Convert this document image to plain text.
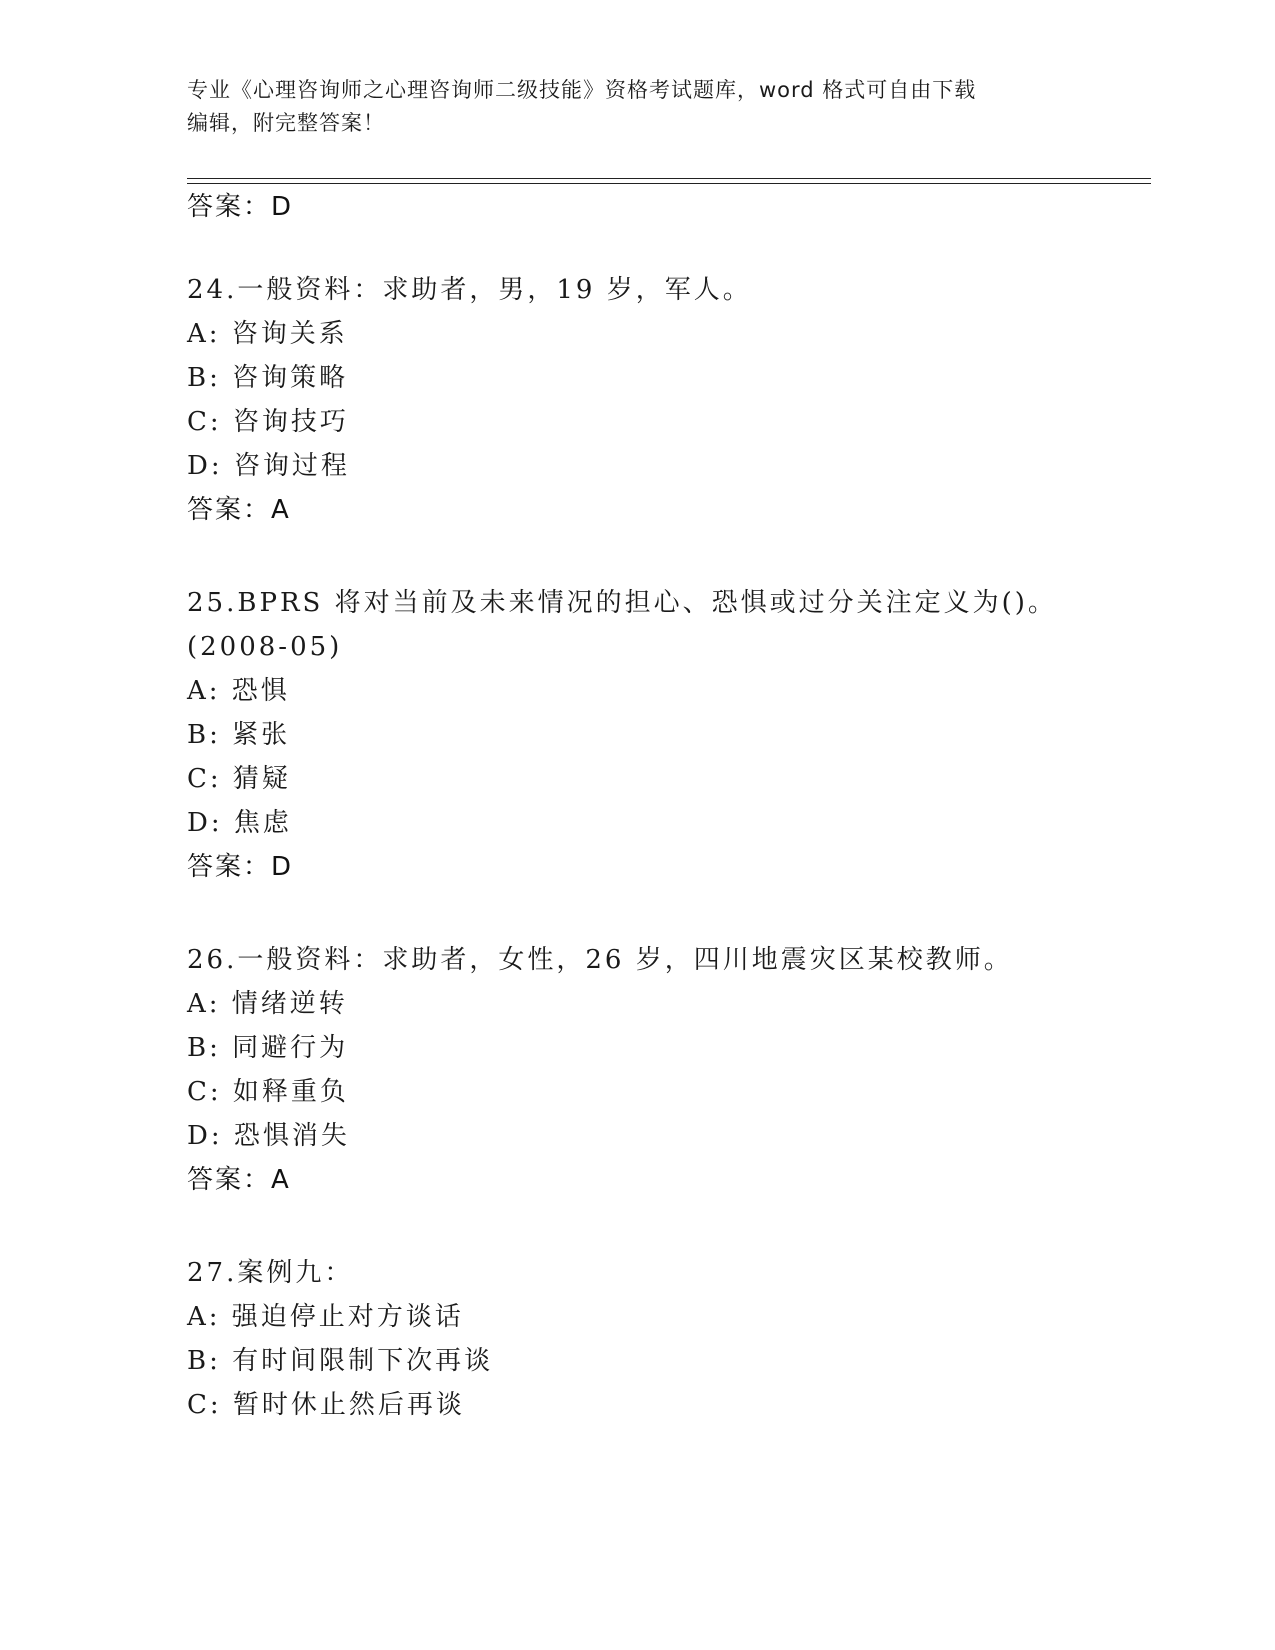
专业《心理咨询师之心理咨询师二级技能》资格考试题库，word 格式可自由下载
编辑，附完整答案！
答案：D
24.一般资料：求助者，男，19 岁，军人。
A: 咨询关系
B: 咨询策略
C: 咨询技巧
D: 咨询过程
答案：A
25.BPRS 将对当前及未来情况的担心、恐惧或过分关注定义为()。
(2008-05)
A: 恐惧
B: 紧张
C: 猜疑
D: 焦虑
答案：D
26.一般资料：求助者，女性，26 岁，四川地震灾区某校教师。
A: 情绪逆转
B: 同避行为
C: 如释重负
D: 恐惧消失
答案：A
27.案例九：
A: 强迫停止对方谈话
B: 有时间限制下次再谈
C: 暂时休止然后再谈
